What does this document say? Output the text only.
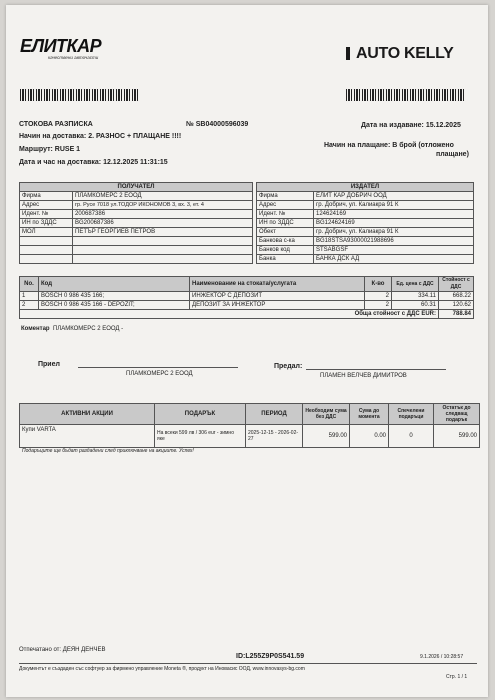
ЕЛИТКАР
качествени авточасти	AUTO KELLY
СТОКОВА РАЗПИСКА	№ SB04000596039	Дата на издаване: 15.12.2025
Начин на доставка: 2. РАЗНОС + ПЛАЩАНЕ !!!!
Маршрут: RUSE 1
Начин на плащане: В брой (отложено
плащане)
Дата и час на доставка: 12.12.2025 11:31:15
ПОЛУЧАТЕЛ	
Фирма	ПЛАМКОМЕРС 2 ЕООД
Адрес	гр. Русе 7018 ул.ТОДОР ИКОНОМОВ 3, вх. 3, ет. 4
Идент. №	200687386
ИН по ЗДДС	BG200687386
МОЛ	ПЕТЪР ГЕОРГИЕВ ПЕТРОВ

ИЗДАТЕЛ	
Фирма	ЕЛИТ КАР ДОБРИЧ ООД
Адрес	гр. Добрич, ул. Калиакра 91 К
Идент. №	124624169
ИН по ЗДДС	BG124624169
Обект	гр. Добрич, ул. Калиакра 91 К
Банкова с-ка	BG18STSA93000021988696
Банков код	STSABGSF
Банка	БАНКА ДСК АД
No.	Код	Наименование на стоката/услугата	К-во	Ед. цена с ДДС	Стойност с ДДС
1	BOSCH 0 986 435 166;	ИНЖЕКТОР С ДЕПОЗИТ	2	334.11	668.22
2	BOSCH 0 986 435 166 - DEPOZIT;	ДЕПОЗИТ ЗА ИНЖЕКТОР	2	60.31	120.62
Обща стойност с ДДС EUR:					788.84
Коментар ПЛАМКОМЕРС 2 ЕООД -
Приел
ПЛАМКОМЕРС 2 ЕООД
Предал:
ПЛАМЕН ВЕЛЧЕВ ДИМИТРОВ
АКТИВНИ АКЦИИ	ПОДАРЪК	ПЕРИОД	Необходим сума без ДДС	Сума до момента	Спечелени подаръци	Остатък до следващ подарък
Купи VARTA	На всеки 599 лв / 306 eur - зимно яке	2025-12-15 - 2026-02-27	599.00	0.00	0	599.00
Подаръците ще бъдат раздадени след приключване на акциите. Успех!
Отпечатано от: ДЕЯН ДЕНЧЕВ
ID:L255Z9P0S541.59	9.1.2026 / 10:28:57
Документът е създаден със софтуер за фирмено управление Moneta ®, продукт на Иновасис ООД, www.innovasys-bg.com
Стр. 1 / 1
